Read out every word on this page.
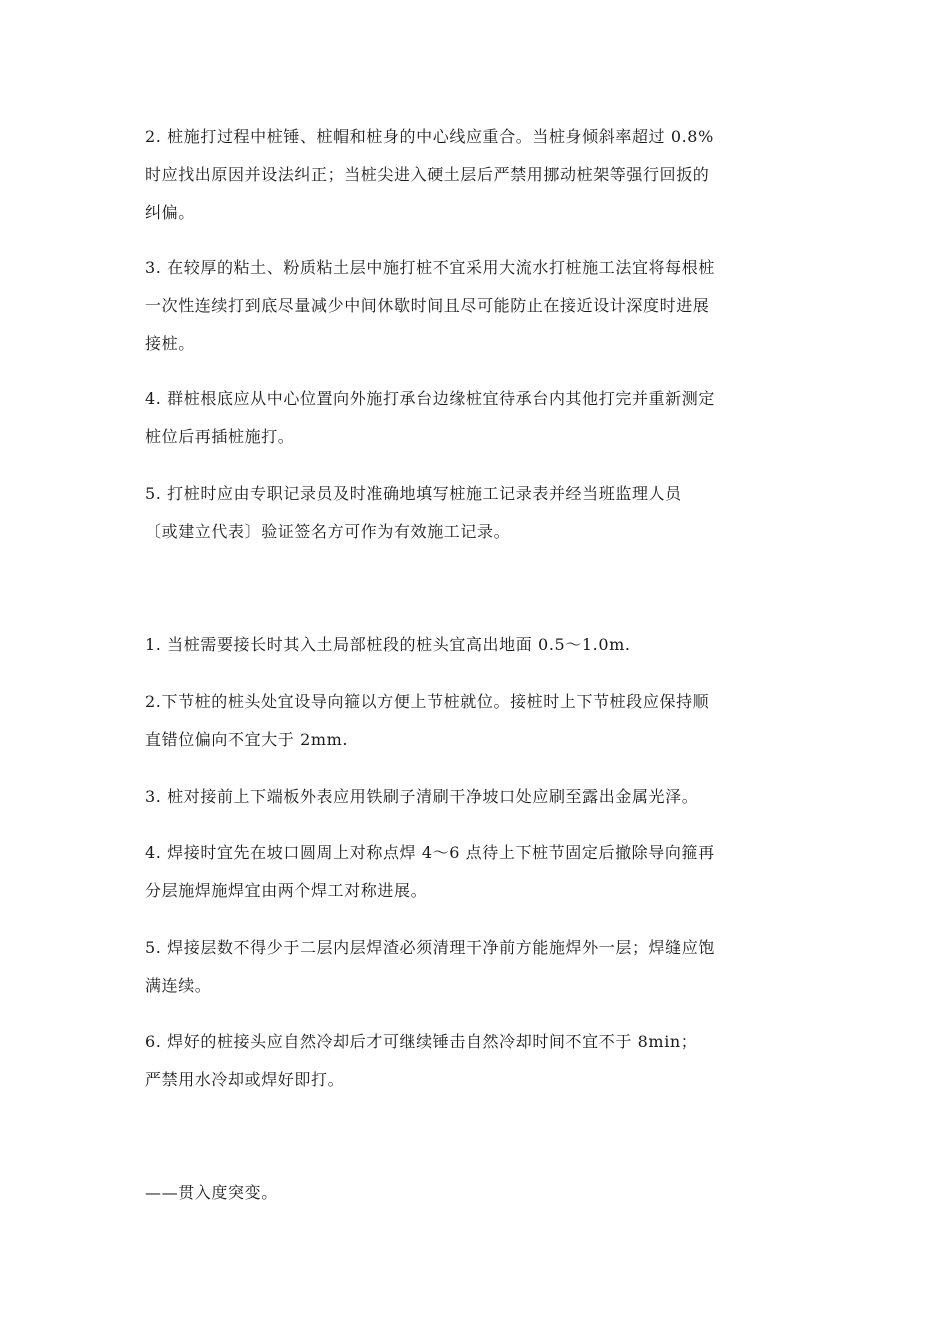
2. 桩施打过程中桩锤、桩帽和桩身的中心线应重合。当桩身倾斜率超过 0.8%
时应找出原因并设法纠正；当桩尖进入硬土层后严禁用挪动桩架等强行回扳的
纠偏。

3. 在较厚的粘土、粉质粘土层中施打桩不宜采用大流水打桩施工法宜将每根桩
一次性连续打到底尽量减少中间休歇时间且尽可能防止在接近设计深度时进展
接桩。

4. 群桩根底应从中心位置向外施打承台边缘桩宜待承台内其他打完并重新测定
桩位后再插桩施打。

5. 打桩时应由专职记录员及时准确地填写桩施工记录表并经当班监理人员
〔或建立代表〕验证签名方可作为有效施工记录。

1. 当桩需要接长时其入土局部桩段的桩头宜高出地面 0.5～1.0m.

2.下节桩的桩头处宜设导向箍以方便上节桩就位。接桩时上下节桩段应保持顺
直错位偏向不宜大于 2mm.

3. 桩对接前上下端板外表应用铁刷子清刷干净坡口处应刷至露出金属光泽。

4. 焊接时宜先在坡口圆周上对称点焊 4～6 点待上下桩节固定后撤除导向箍再
分层施焊施焊宜由两个焊工对称进展。

5. 焊接层数不得少于二层内层焊渣必须清理干净前方能施焊外一层；焊缝应饱
满连续。

6. 焊好的桩接头应自然冷却后才可继续锤击自然冷却时间不宜不于 8min；
严禁用水冷却或焊好即打。

——贯入度突变。
